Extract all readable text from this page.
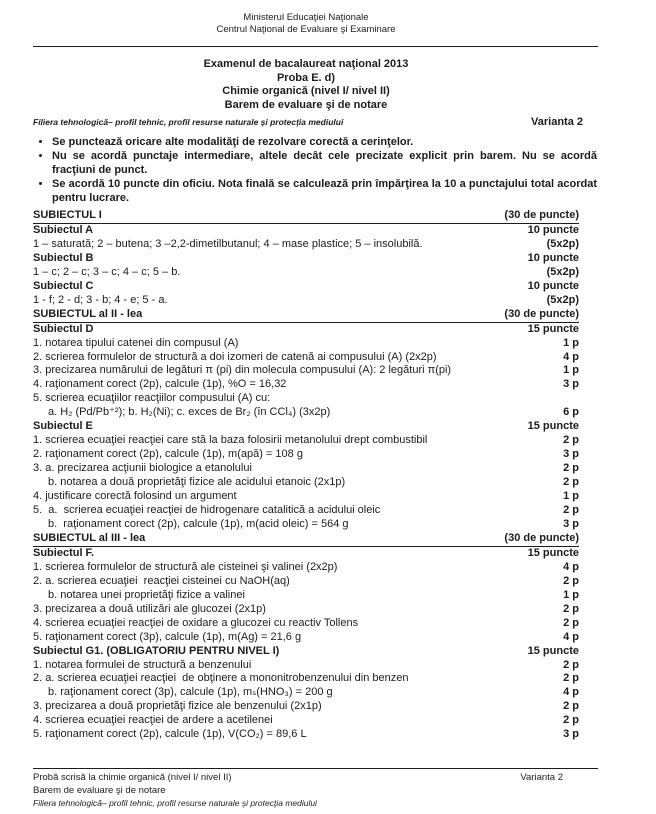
Ministerul Educaţiei Naţionale
Centrul Naţional de Evaluare şi Examinare
Examenul de bacalaureat naţional 2013
Proba E. d)
Chimie organică (nivel I/ nivel II)
Barem de evaluare şi de notare
Filiera tehnologică– profil tehnic, profil resurse naturale şi protecţia mediului	Varianta 2
• Se punctează oricare alte modalităţi de rezolvare corectă a cerinţelor.
• Nu se acordă punctaje intermediare, altele decât cele precizate explicit prin barem. Nu se acordă fracţiuni de punct.
• Se acordă 10 puncte din oficiu. Nota finală se calculează prin împărţirea la 10 a punctajului total acordat pentru lucrare.
SUBIECTUL I	(30 de puncte)
Subiectul A	10 puncte
1 – saturată; 2 – butena; 3 –2,2-dimetilbutanul; 4 – mase plastice; 5 – insolubilă.	(5x2p)
Subiectul B	10 puncte
1 – c; 2 – c; 3 – c; 4 – c; 5 – b.	(5x2p)
Subiectul C	10 puncte
1 - f; 2 - d; 3 - b; 4 - e; 5 - a.	(5x2p)
SUBIECTUL al II - lea	(30 de puncte)
Subiectul D	15 puncte
1. notarea tipului catenei din compusul (A)	1 p
2. scrierea formulelor de structură a doi izomeri de catenă ai compusului (A) (2x2p)	4 p
3. precizarea numărului de legături π (pi) din molecula compusului (A): 2 legături π(pi)	1 p
4. raţionament corect (2p), calcule (1p), %O = 16,32	3 p
5. scrierea ecuaţiilor reacţiilor compusului (A) cu:
a. H₂ (Pd/Pb⁺²); b. H₂(Ni); c. exces de Br₂ (în CCl₄) (3x2p)	6 p
Subiectul E	15 puncte
1. scrierea ecuaţiei reacţiei care stă la baza folosirii metanolului drept combustibil	2 p
2. raţionament corect (2p), calcule (1p), m(apă) = 108 g	3 p
3. a. precizarea acţiunii biologice a etanolului	2 p
b. notarea a două proprietăţi fizice ale acidului etanoic (2x1p)	2 p
4. justificare corectă folosind un argument	1 p
5.  a.  scrierea ecuaţiei reacţiei de hidrogenare catalitică a acidului oleic	2 p
b.  raţionament corect (2p), calcule (1p), m(acid oleic) = 564 g	3 p
SUBIECTUL al III - lea	(30 de puncte)
Subiectul F.	15 puncte
1. scrierea formulelor de structură ale cisteinei şi valinei (2x2p)	4 p
2. a. scrierea ecuaţiei  reacţiei cisteinei cu NaOH(aq)	2 p
b. notarea unei proprietăţi fizice a valinei	1 p
3. precizarea a două utilizări ale glucozei (2x1p)	2 p
4. scrierea ecuaţiei reacţiei de oxidare a glucozei cu reactiv Tollens	2 p
5. raţionament corect (3p), calcule (1p), m(Ag) = 21,6 g	4 p
Subiectul G1. (OBLIGATORIU PENTRU NIVEL I)	15 puncte
1. notarea formulei de structură a benzenului	2 p
2. a. scrierea ecuaţiei reacţiei  de obţinere a mononitrobenzenului din benzen	2 p
b. raţionament corect (3p), calcule (1p), mₛ(HNO₃) = 200 g	4 p
3. precizarea a două proprietăţi fizice ale benzenului (2x1p)	2 p
4. scrierea ecuaţiei reacţiei de ardere a acetilenei	2 p
5. raţionament corect (2p), calcule (1p), V(CO₂) = 89,6 L	3 p
Probă scrisă la chimie organică (nivel I/ nivel II)	Varianta 2
Barem de evaluare şi de notare
Filiera tehnologică– profil tehnic, profil resurse naturale şi protecţia mediului
